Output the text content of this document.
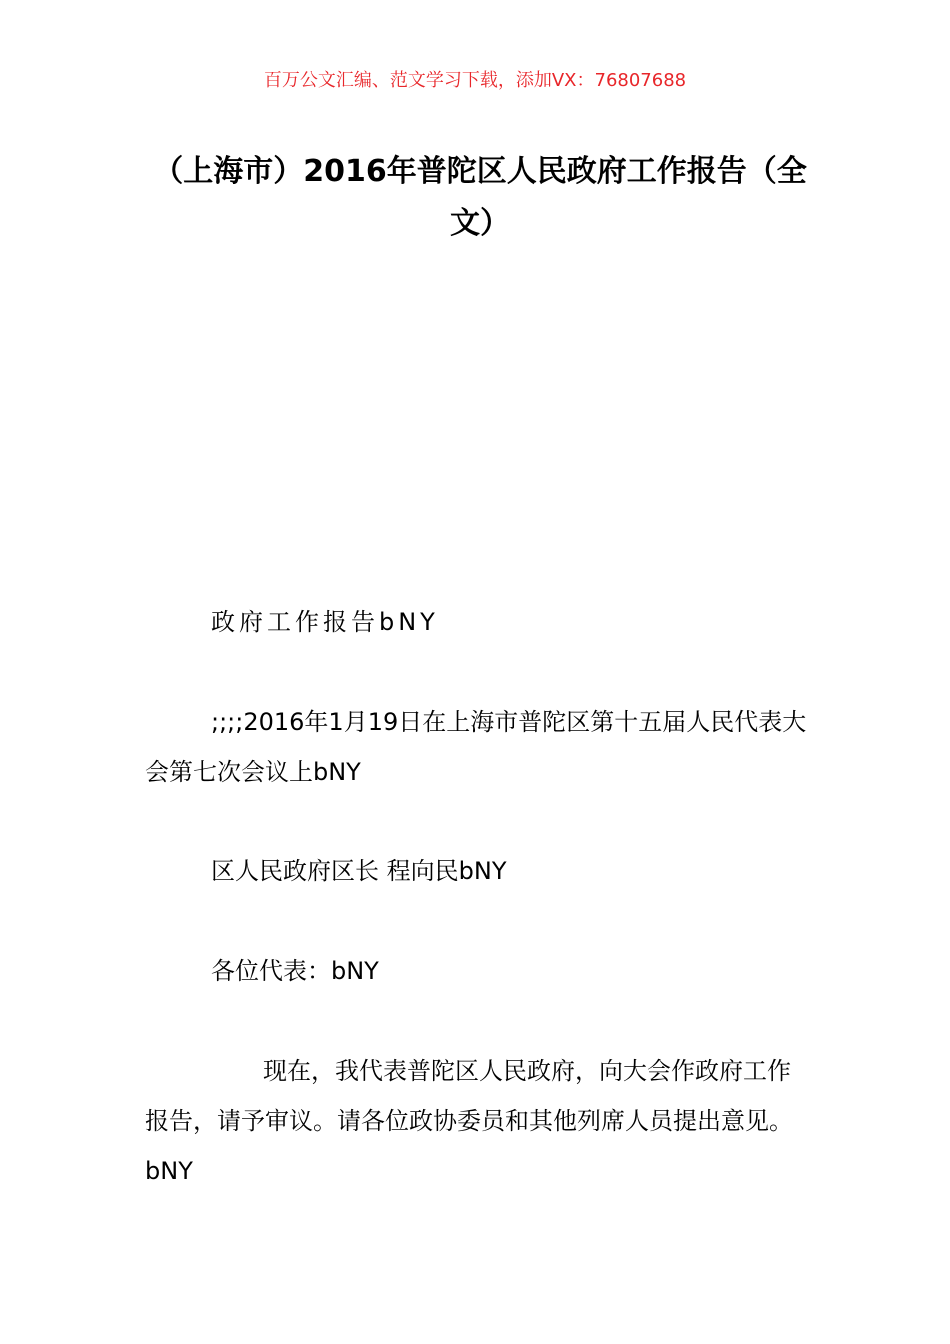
百万公文汇编、范文学习下载，添加VX：76807688
（上海市）2016年普陀区人民政府工作报告（全文）

政府工作报告bNY

;;;;2016年1月19日在上海市普陀区第十五届人民代表大会第七次会议上bNY

区人民政府区长 程向民bNY

各位代表：bNY

现在，我代表普陀区人民政府，向大会作政府工作报告，请予审议。请各位政协委员和其他列席人员提出意见。bNY
